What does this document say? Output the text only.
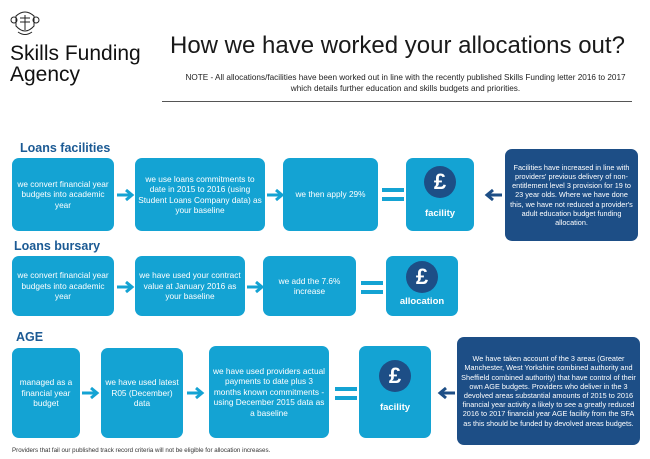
Skills Funding
Agency
How we have worked your allocations out?
NOTE - All allocations/facilities have been worked out in line with the recently published Skills Funding letter 2016 to 2017 which details further education and skills budgets and priorities.
Loans facilities
we convert financial year budgets into academic year
we use loans commitments to date in 2015 to 2016 (using Student Loans Company data) as your baseline
we then apply 29%
£
facility
Facilities have increased in line with providers' previous delivery of non-entitlement level 3 provision for 19 to 23 year olds. Where we have done this, we have not reduced a provider's adult education budget funding allocation.
Loans bursary
we convert financial year budgets into academic year
we have used your contract value at January 2016 as your baseline
we add the 7.6% increase
£
allocation
AGE
managed as a financial year budget
we have used latest R05 (December) data
we have used providers actual payments to date plus 3 months known commitments - using December 2015 data as a baseline
£
facility
We have taken account of the 3 areas (Greater Manchester, West Yorkshire combined authority and Sheffield combined authority) that have control of their own AGE budgets. Providers who deliver in the 3 devolved areas substantial amounts of 2015 to 2016 financial year activity a likely to see a greatly reduced 2016 to 2017 financial year AGE facility from the SFA as this should be funded by devolved areas budgets.
Providers that fail our published track record criteria will not be eligible for allocation increases.
